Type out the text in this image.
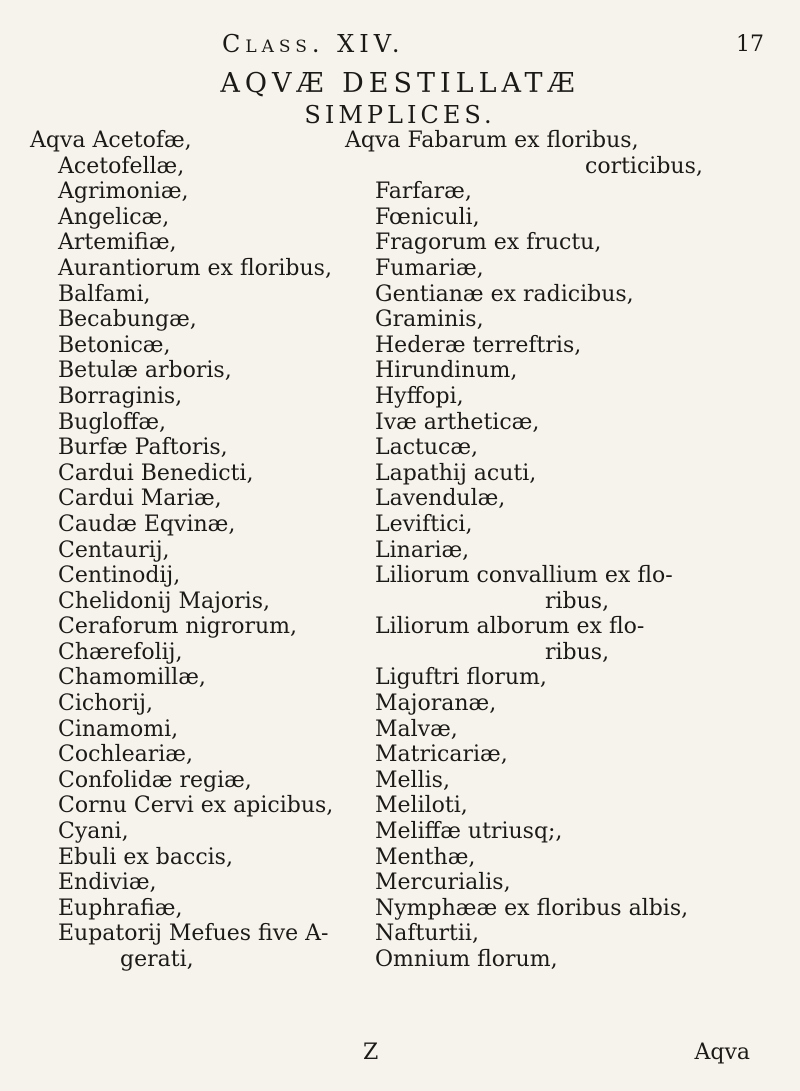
Class. XIV.	17
AQVÆ DESTILLATÆ
SIMPLICES.
Aqva Acetofæ,
Acetofellæ,
Agrimoniæ,
Angelicæ,
Artemifiæ,
Aurantiorum ex floribus,
Balfami,
Becabungæ,
Betonicæ,
Betulæ arboris,
Borraginis,
Bugloffæ,
Burfæ Paftoris,
Cardui Benedicti,
Cardui Mariæ,
Caudæ Eqvinæ,
Centaurij,
Centinodij,
Chelidonij Majoris,
Ceraforum nigrorum,
Chærefolij,
Chamomillæ,
Cichorij,
Cinamomi,
Cochleariæ,
Confolidæ regiæ,
Cornu Cervi ex apicibus,
Cyani,
Ebuli ex baccis,
Endiviæ,
Euphrafiæ,
Eupatorij Mefues five A-
gerati,
Aqva Fabarum ex floribus,
corticibus,
Farfaræ,
Fœniculi,
Fragorum ex fructu,
Fumariæ,
Gentianæ ex radicibus,
Graminis,
Hederæ terreftris,
Hirundinum,
Hyffopi,
Ivæ artheticæ,
Lactucæ,
Lapathij acuti,
Lavendulæ,
Leviftici,
Linariæ,
Liliorum convallium ex flo-
ribus,
Liliorum alborum ex flo-
ribus,
Liguftri florum,
Majoranæ,
Malvæ,
Matricariæ,
Mellis,
Meliloti,
Meliffæ utriusq;,
Menthæ,
Mercurialis,
Nymphææ ex floribus albis,
Nafturtii,
Omnium florum,
Z	Aqva
